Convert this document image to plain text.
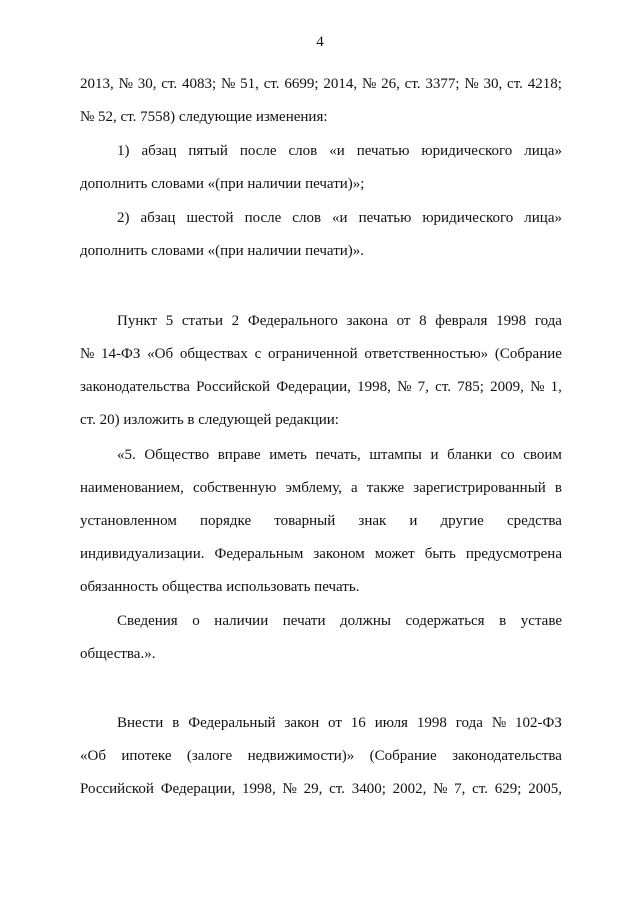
4
2013, № 30, ст. 4083; № 51, ст. 6699; 2014, № 26, ст. 3377; № 30, ст. 4218;
№ 52, ст. 7558) следующие изменения:
1) абзац пятый после слов «и печатью юридического лица»
дополнить словами «(при наличии печати)»;
2) абзац шестой после слов «и печатью юридического лица»
дополнить словами «(при наличии печати)».
Пункт 5 статьи 2 Федерального закона от 8 февраля 1998 года
№ 14-ФЗ «Об обществах с ограниченной ответственностью» (Собрание
законодательства Российской Федерации, 1998, № 7, ст. 785; 2009, № 1,
ст. 20) изложить в следующей редакции:
«5. Общество вправе иметь печать, штампы и бланки со своим
наименованием, собственную эмблему, а также зарегистрированный в
установленном порядке товарный знак и другие средства
индивидуализации. Федеральным законом может быть предусмотрена
обязанность общества использовать печать.
Сведения о наличии печати должны содержаться в уставе
общества.».
Внести в Федеральный закон от 16 июля 1998 года № 102-ФЗ
«Об ипотеке (залоге недвижимости)» (Собрание законодательства
Российской Федерации, 1998, № 29, ст. 3400; 2002, № 7, ст. 629; 2005,
